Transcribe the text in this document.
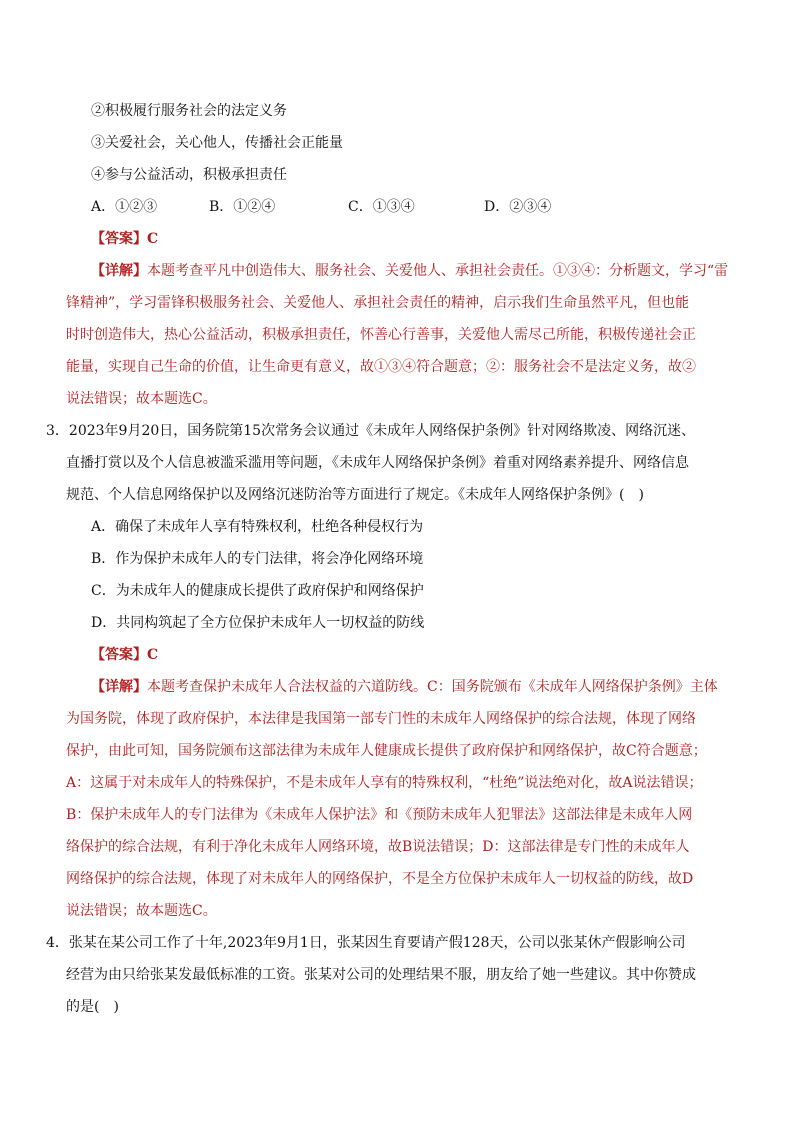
②积极履行服务社会的法定义务
③关爱社会，关心他人，传播社会正能量
④参与公益活动，积极承担责任
A．①②③	B．①②④	C．①③④	D．②③④
【答案】C
【详解】本题考查平凡中创造伟大、服务社会、关爱他人、承担社会责任。①③④：分析题文，学习“雷
锋精神”，学习雷锋积极服务社会、关爱他人、承担社会责任的精神，启示我们生命虽然平凡，但也能
时时创造伟大，热心公益活动，积极承担责任，怀善心行善事，关爱他人需尽己所能，积极传递社会正
能量，实现自己生命的价值，让生命更有意义，故①③④符合题意；②：服务社会不是法定义务，故②
说法错误；故本题选C。
3．2023年9月20日，国务院第15次常务会议通过《未成年人网络保护条例》针对网络欺凌、网络沉迷、
直播打赏以及个人信息被滥采滥用等问题，《未成年人网络保护条例》着重对网络素养提升、网络信息
规范、个人信息网络保护以及网络沉迷防治等方面进行了规定。《未成年人网络保护条例》(　)
A．确保了未成年人享有特殊权利，杜绝各种侵权行为
B．作为保护未成年人的专门法律，将会净化网络环境
C．为未成年人的健康成长提供了政府保护和网络保护
D．共同构筑起了全方位保护未成年人一切权益的防线
【答案】C
【详解】本题考查保护未成年人合法权益的六道防线。C：国务院颁布《未成年人网络保护条例》主体
为国务院，体现了政府保护，本法律是我国第一部专门性的未成年人网络保护的综合法规，体现了网络
保护，由此可知，国务院颁布这部法律为未成年人健康成长提供了政府保护和网络保护，故C符合题意；
A：这属于对未成年人的特殊保护，不是未成年人享有的特殊权利，“杜绝”说法绝对化，故A说法错误；
B：保护未成年人的专门法律为《未成年人保护法》和《预防未成年人犯罪法》这部法律是未成年人网
络保护的综合法规，有利于净化未成年人网络环境，故B说法错误；D：这部法律是专门性的未成年人
网络保护的综合法规，体现了对未成年人的网络保护，不是全方位保护未成年人一切权益的防线，故D
说法错误；故本题选C。
4．张某在某公司工作了十年,2023年9月1日，张某因生育要请产假128天，公司以张某休产假影响公司
经营为由只给张某发最低标准的工资。张某对公司的处理结果不服，朋友给了她一些建议。其中你赞成
的是(　)
